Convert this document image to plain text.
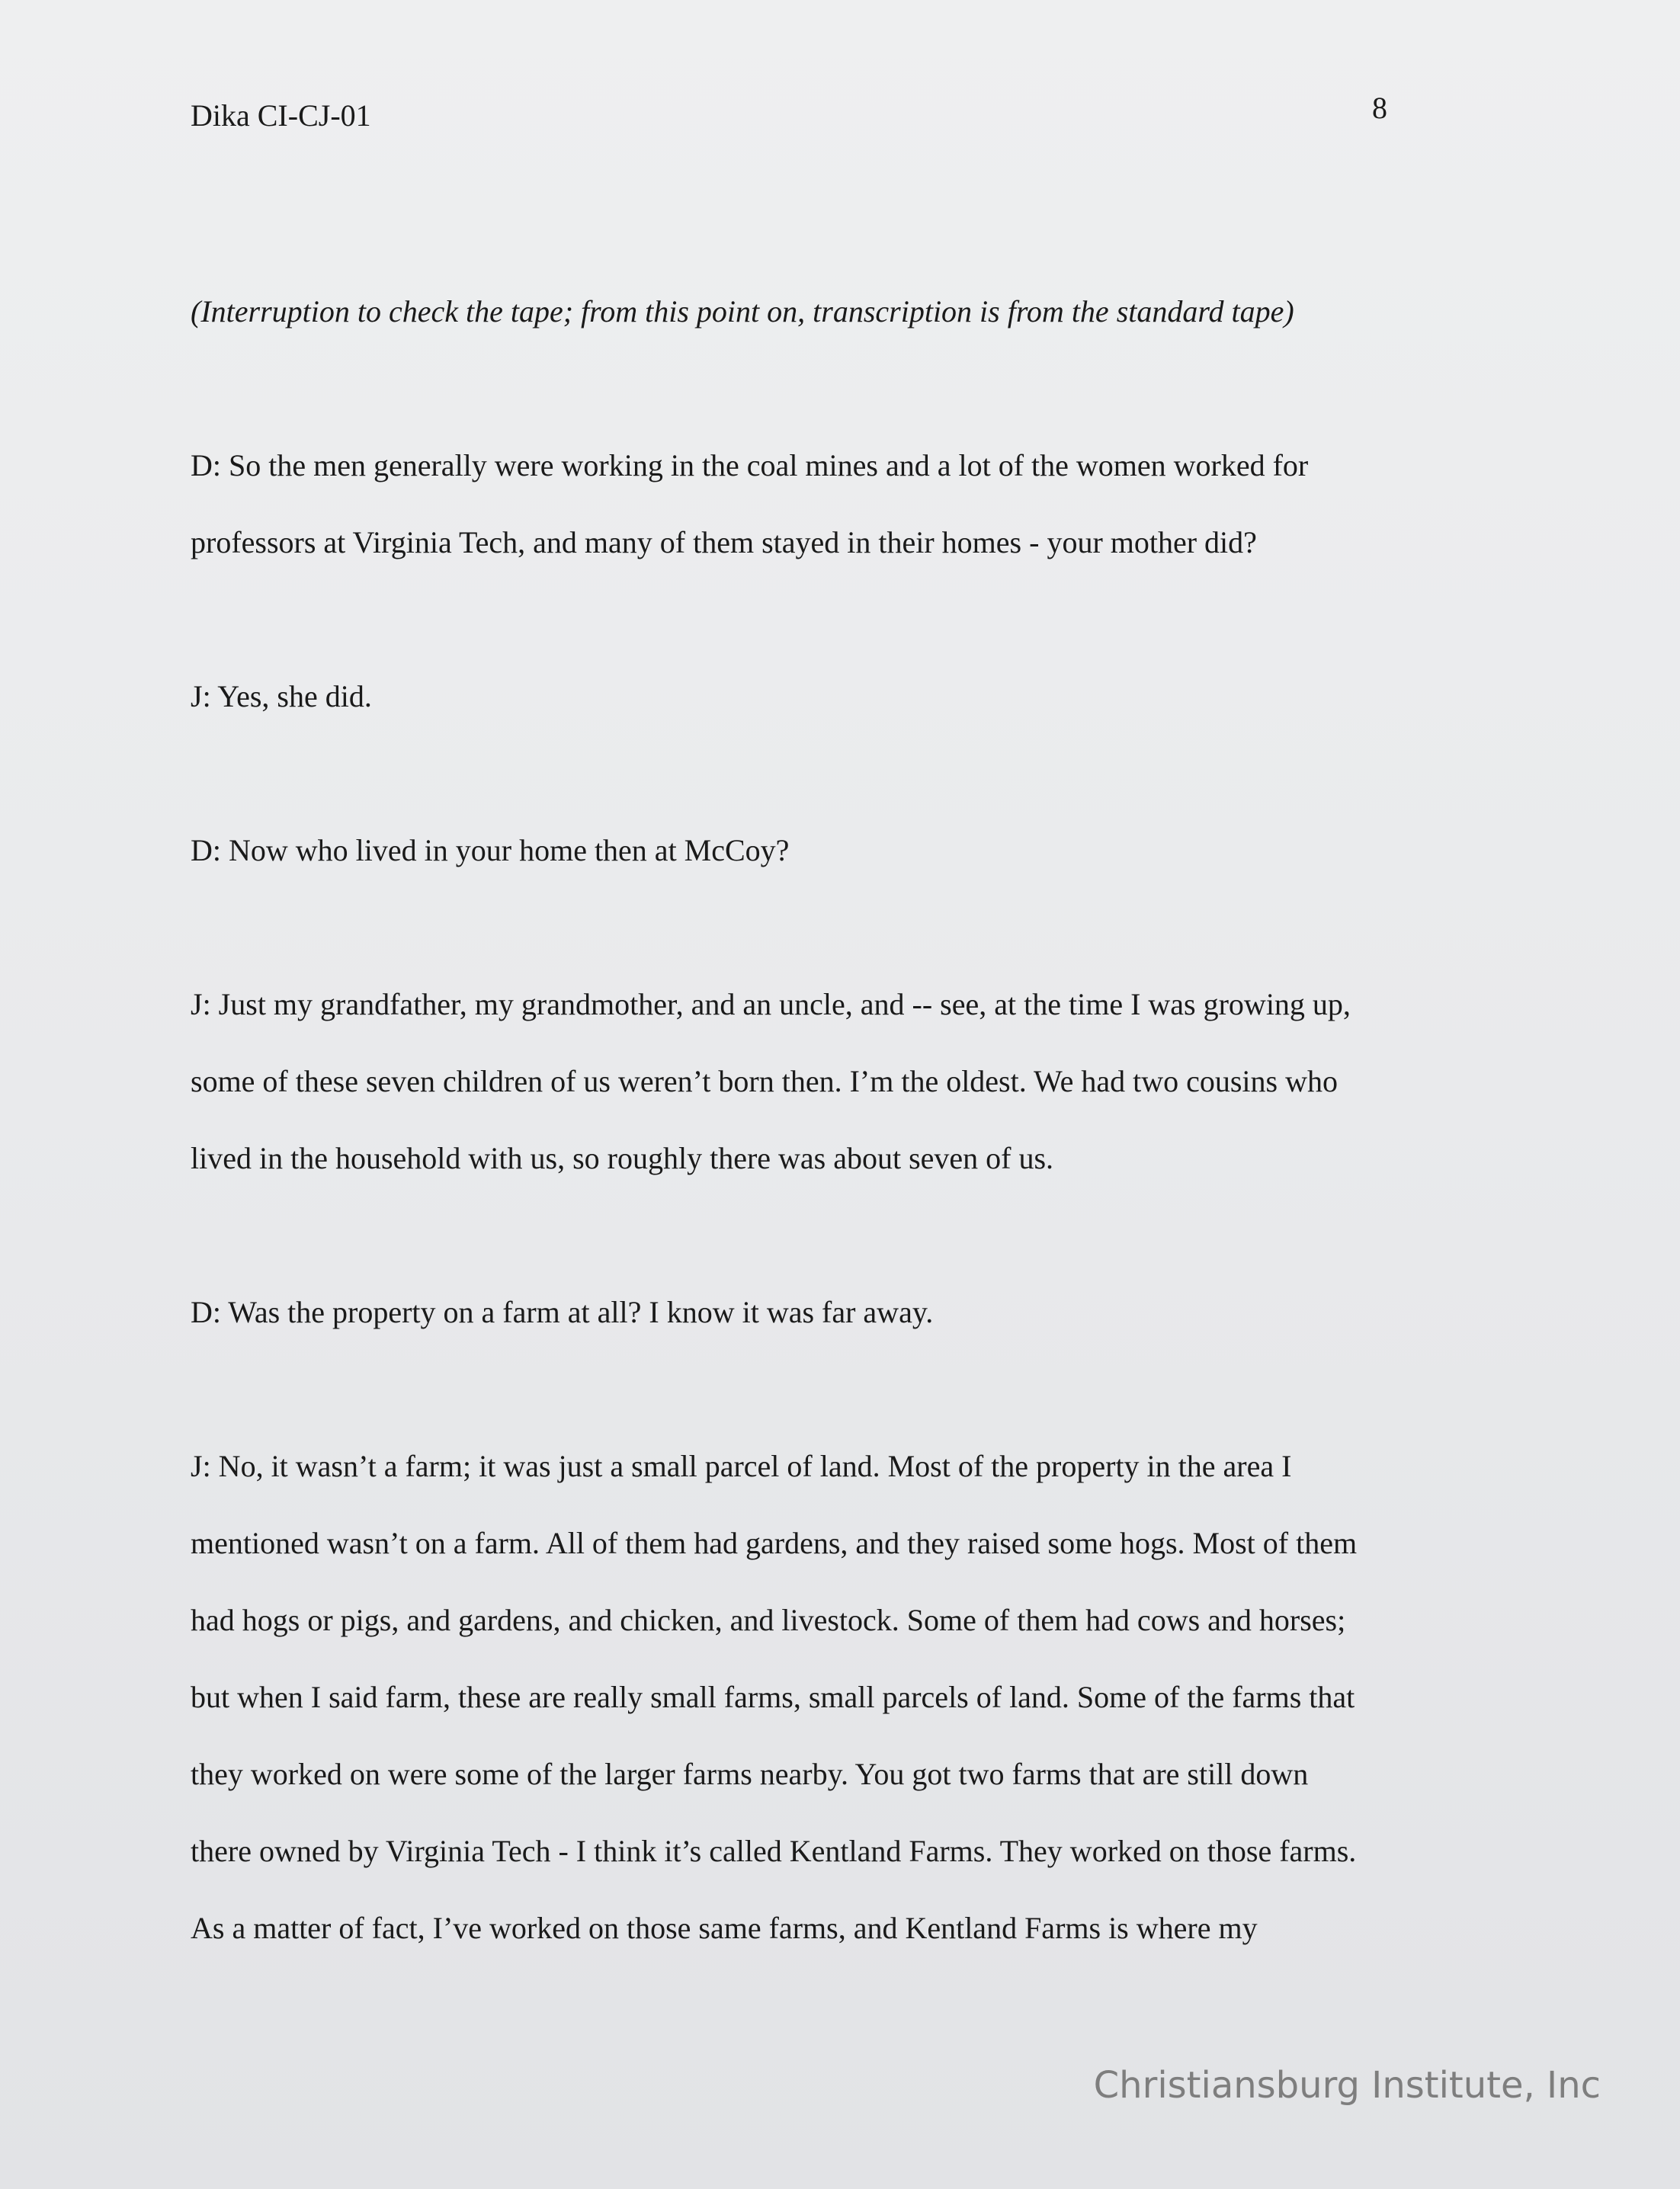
Dika CI-CJ-01	8

(Interruption to check the tape; from this point on, transcription is from the standard tape)

D: So the men generally were working in the coal mines and a lot of the women worked for
professors at Virginia Tech, and many of them stayed in their homes - your mother did?

J: Yes, she did.

D: Now who lived in your home then at McCoy?

J: Just my grandfather, my grandmother, and an uncle, and -- see, at the time I was growing up,
some of these seven children of us weren’t born then. I’m the oldest. We had two cousins who
lived in the household with us, so roughly there was about seven of us.

D: Was the property on a farm at all? I know it was far away.

J: No, it wasn’t a farm; it was just a small parcel of land. Most of the property in the area I
mentioned wasn’t on a farm. All of them had gardens, and they raised some hogs. Most of them
had hogs or pigs, and gardens, and chicken, and livestock. Some of them had cows and horses;
but when I said farm, these are really small farms, small parcels of land. Some of the farms that
they worked on were some of the larger farms nearby. You got two farms that are still down
there owned by Virginia Tech - I think it’s called Kentland Farms. They worked on those farms.
As a matter of fact, I’ve worked on those same farms, and Kentland Farms is where my

Christiansburg Institute, Inc
